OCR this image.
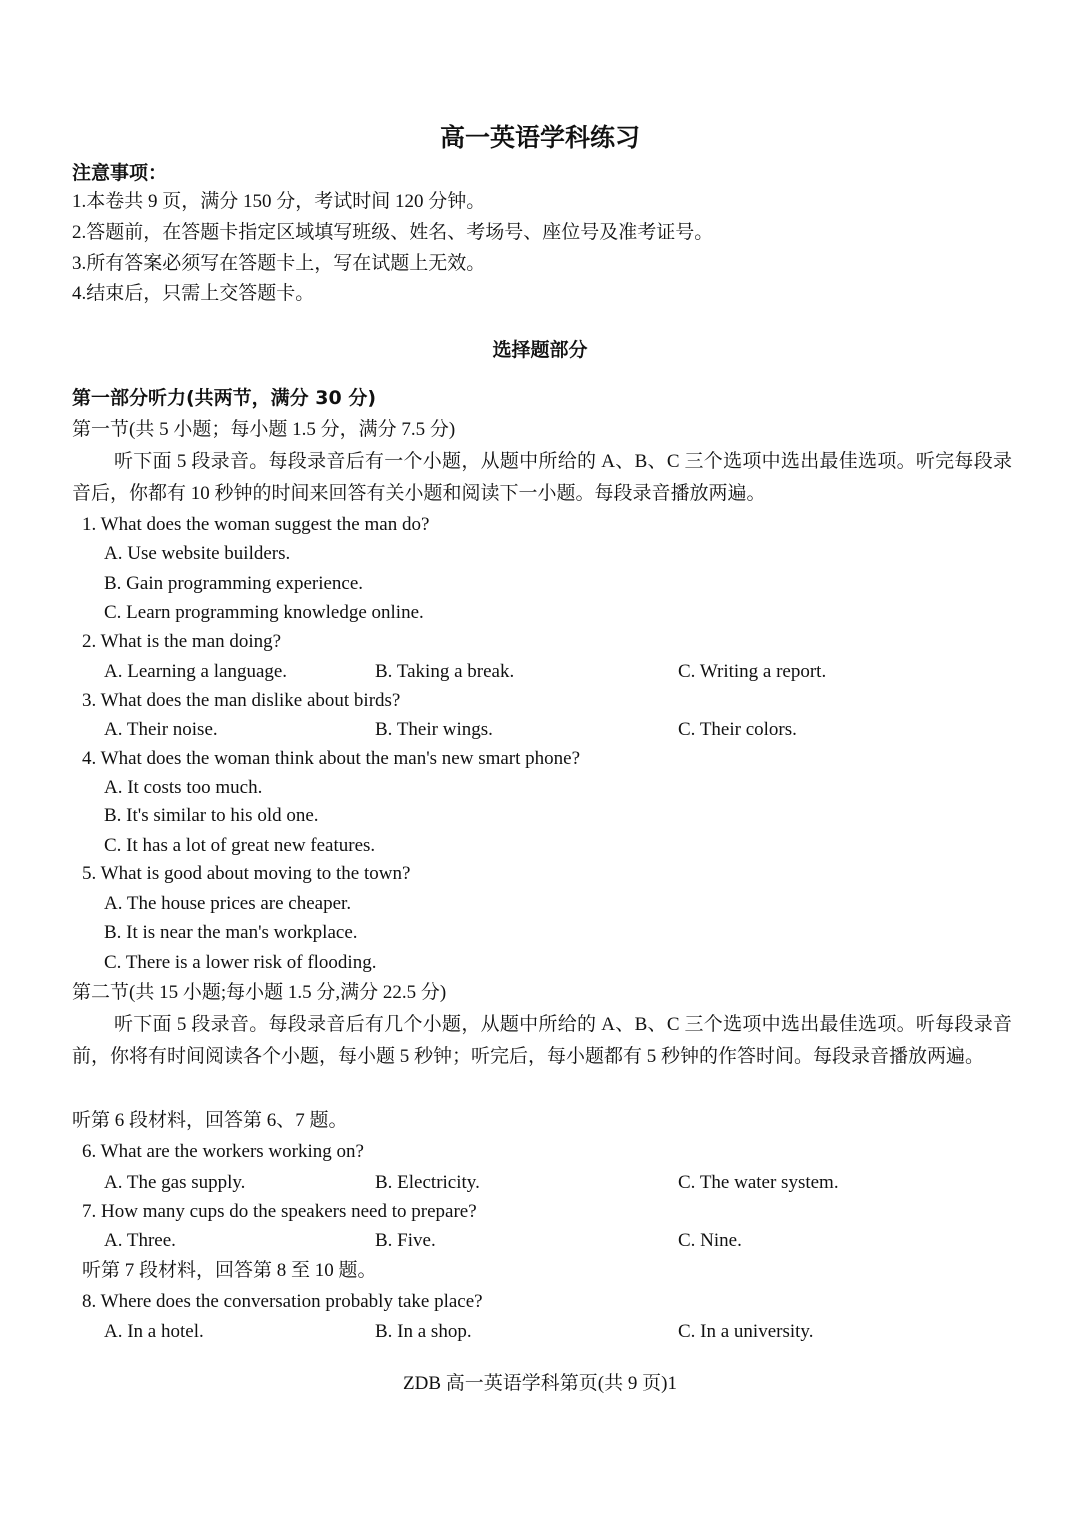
高一英语学科练习
注意事项：
1.本卷共 9 页，满分 150 分，考试时间 120 分钟。
2.答题前，在答题卡指定区域填写班级、姓名、考场号、座位号及准考证号。
3.所有答案必须写在答题卡上，写在试题上无效。
4.结束后，只需上交答题卡。
选择题部分
第一部分听力(共两节，满分 30 分)
第一节(共 5 小题；每小题 1.5 分，满分 7.5 分)
听下面 5 段录音。每段录音后有一个小题，从题中所给的 A、B、C 三个选项中选出最佳选项。听完每段录音后，你都有 10 秒钟的时间来回答有关小题和阅读下一小题。每段录音播放两遍。
1. What does the woman suggest the man do?
A. Use website builders.
B. Gain programming experience.
C. Learn programming knowledge online.
2. What is the man doing?
A. Learning a language.	B. Taking a break.	C. Writing a report.
3. What does the man dislike about birds?
A. Their noise.	B. Their wings.	C. Their colors.
4. What does the woman think about the man's new smart phone?
A. It costs too much.
B. It's similar to his old one.
C. It has a lot of great new features.
5. What is good about moving to the town?
A. The house prices are cheaper.
B. It is near the man's workplace.
C. There is a lower risk of flooding.
第二节(共 15 小题;每小题 1.5 分,满分 22.5 分)
听下面 5 段录音。每段录音后有几个小题，从题中所给的 A、B、C 三个选项中选出最佳选项。听每段录音前，你将有时间阅读各个小题，每小题 5 秒钟；听完后，每小题都有 5 秒钟的作答时间。每段录音播放两遍。
听第 6 段材料，回答第 6、7 题。
6. What are the workers working on?
A. The gas supply.	B. Electricity.	C. The water system.
7. How many cups do the speakers need to prepare?
A. Three.	B. Five.	C. Nine.
听第 7 段材料，回答第 8 至 10 题。
8. Where does the conversation probably take place?
A. In a hotel.	B. In a shop.	C. In a university.
ZDB 高一英语学科第页(共 9 页)1
